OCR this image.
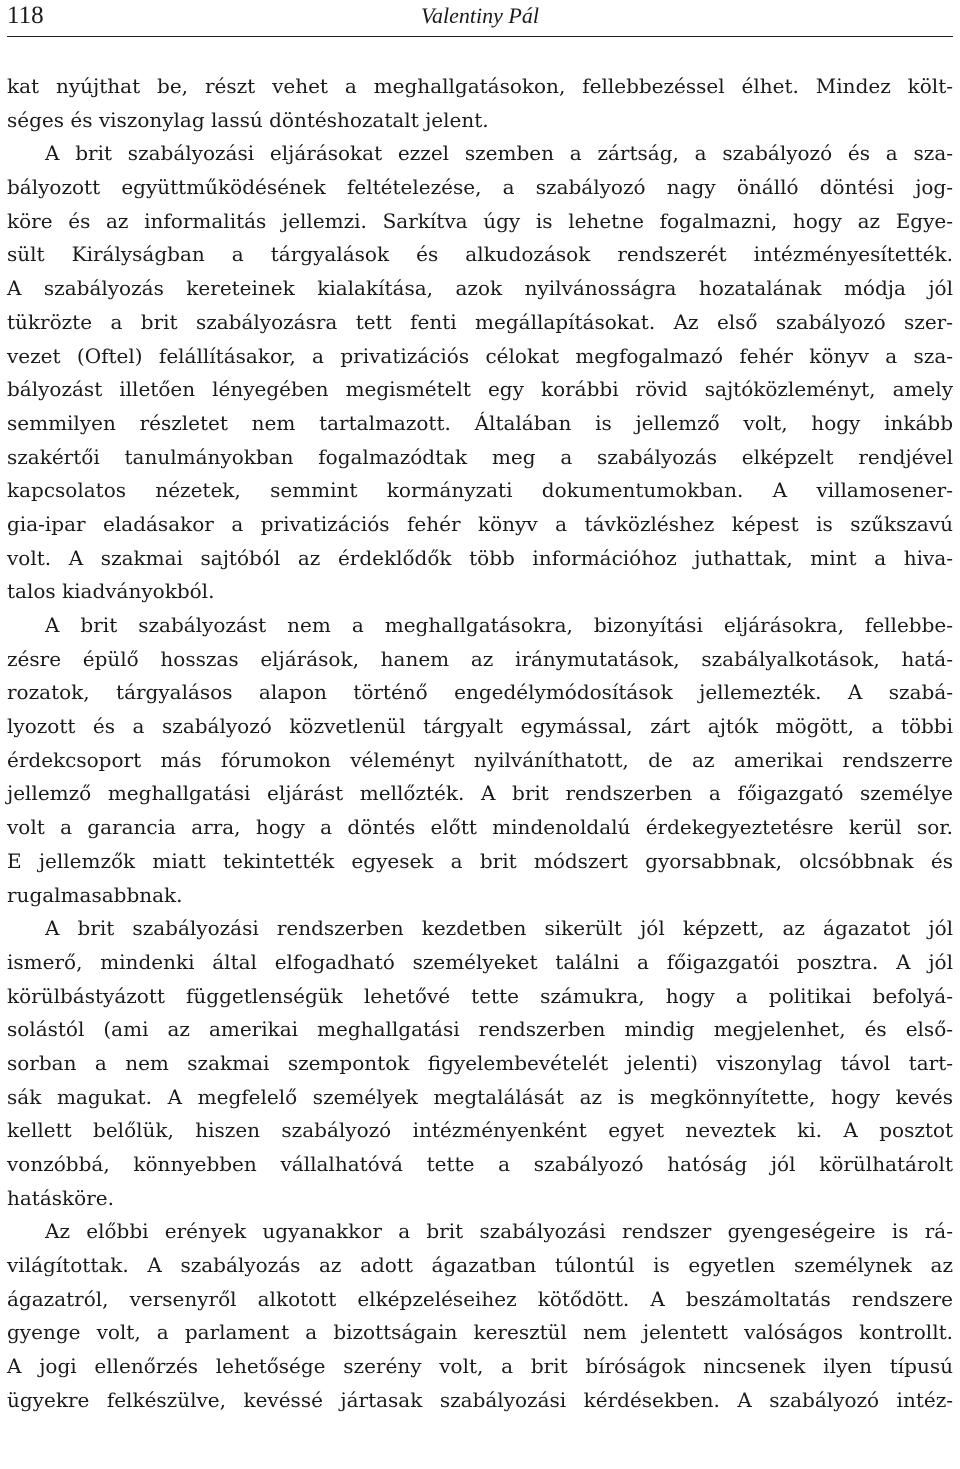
118	Valentiny Pál
kat nyújthat be, részt vehet a meghallgatásokon, fellebbezéssel élhet. Mindez költ-
séges és viszonylag lassú döntéshozatalt jelent.
A brit szabályozási eljárásokat ezzel szemben a zártság, a szabályozó és a sza-
bályozott együttműködésének feltételezése, a szabályozó nagy önálló döntési jog-
köre és az informalitás jellemzi. Sarkítva úgy is lehetne fogalmazni, hogy az Egye-
sült Királyságban a tárgyalások és alkudozások rendszerét intézményesítették.
A szabályozás kereteinek kialakítása, azok nyilvánosságra hozatalának módja jól
tükrözte a brit szabályozásra tett fenti megállapításokat. Az első szabályozó szer-
vezet (Oftel) felállításakor, a privatizációs célokat megfogalmazó fehér könyv a sza-
bályozást illetően lényegében megismételt egy korábbi rövid sajtóközleményt, amely
semmilyen részletet nem tartalmazott. Általában is jellemző volt, hogy inkább
szakértői tanulmányokban fogalmazódtak meg a szabályozás elképzelt rendjével
kapcsolatos nézetek, semmint kormányzati dokumentumokban. A villamosener-
gia-ipar eladásakor a privatizációs fehér könyv a távközléshez képest is szűkszavú
volt. A szakmai sajtóból az érdeklődők több információhoz juthattak, mint a hiva-
talos kiadványokból.
A brit szabályozást nem a meghallgatásokra, bizonyítási eljárásokra, fellebbe-
zésre épülő hosszas eljárások, hanem az iránymutatások, szabályalkotások, hatá-
rozatok, tárgyalásos alapon történő engedélymódosítások jellemezték. A szabá-
lyozott és a szabályozó közvetlenül tárgyalt egymással, zárt ajtók mögött, a többi
érdekcsoport más fórumokon véleményt nyilváníthatott, de az amerikai rendszerre
jellemző meghallgatási eljárást mellőzték. A brit rendszerben a főigazgató személye
volt a garancia arra, hogy a döntés előtt mindenoldalú érdekegyeztetésre kerül sor.
E jellemzők miatt tekintették egyesek a brit módszert gyorsabbnak, olcsóbbnak és
rugalmasabbnak.
A brit szabályozási rendszerben kezdetben sikerült jól képzett, az ágazatot jól
ismerő, mindenki által elfogadható személyeket találni a főigazgatói posztra. A jól
körülbástyázott függetlenségük lehetővé tette számukra, hogy a politikai befolyá-
solástól (ami az amerikai meghallgatási rendszerben mindig megjelenhet, és első-
sorban a nem szakmai szempontok figyelembevételét jelenti) viszonylag távol tart-
sák magukat. A megfelelő személyek megtalálását az is megkönnyítette, hogy kevés
kellett belőlük, hiszen szabályozó intézményenként egyet neveztek ki. A posztot
vonzóbbá, könnyebben vállalhatóvá tette a szabályozó hatóság jól körülhatárolt
hatásköre.
Az előbbi erények ugyanakkor a brit szabályozási rendszer gyengeségeire is rá-
világítottak. A szabályozás az adott ágazatban túlontúl is egyetlen személynek az
ágazatról, versenyről alkotott elképzeléseihez kötődött. A beszámoltatás rendszere
gyenge volt, a parlament a bizottságain keresztül nem jelentett valóságos kontrollt.
A jogi ellenőrzés lehetősége szerény volt, a brit bíróságok nincsenek ilyen típusú
ügyekre felkészülve, kevéssé jártasak szabályozási kérdésekben. A szabályozó intéz-
